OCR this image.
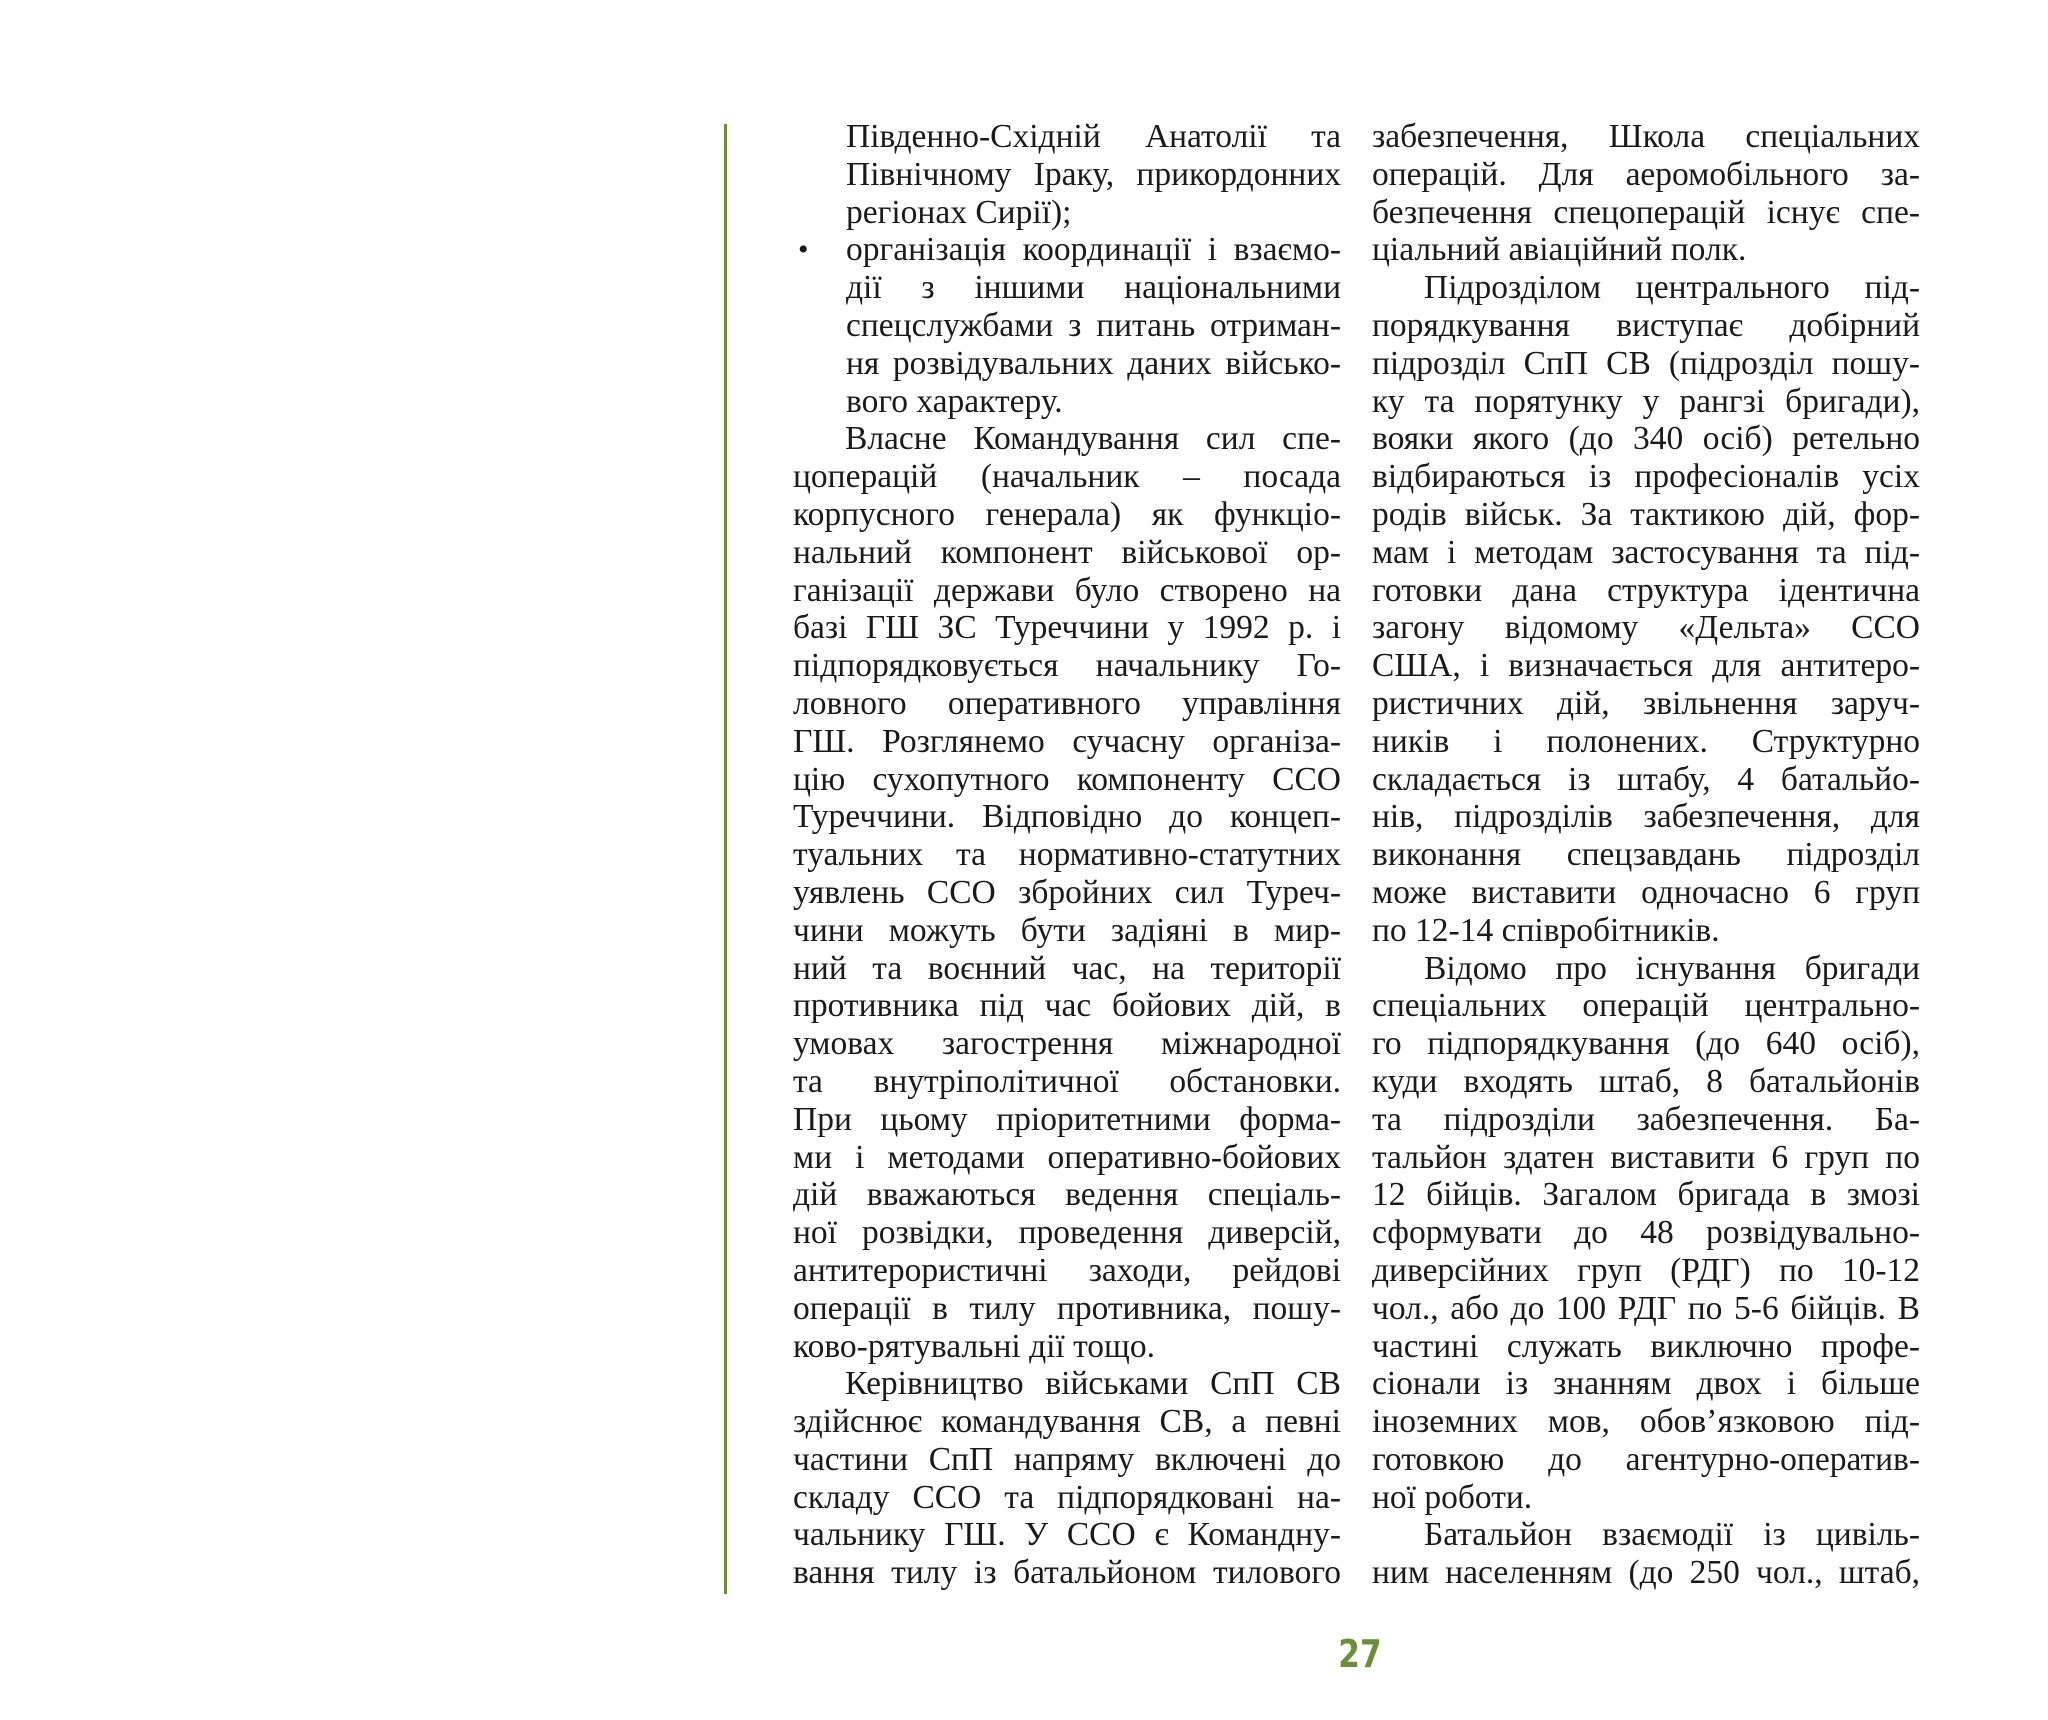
Південно-Східній Анатолії та
Північному Іраку, прикордонних
регіонах Сирії);
• організація координації і взаємо-
дії з іншими національними
спецслужбами з питань отриман-
ня розвідувальних даних військо-
вого характеру.
Власне Командування сил спе-
цоперацій (начальник – посада
корпусного генерала) як функціо-
нальний компонент військової ор-
ганізації держави було створено на
базі ГШ ЗС Туреччини у 1992 р. і
підпорядковується начальнику Го-
ловного оперативного управління
ГШ. Розглянемо сучасну організа-
цію сухопутного компоненту ССО
Туреччини. Відповідно до концеп-
туальних та нормативно-статутних
уявлень ССО збройних сил Туреч-
чини можуть бути задіяні в мир-
ний та воєнний час, на території
противника під час бойових дій, в
умовах загострення міжнародної
та внутріполітичної обстановки.
При цьому пріоритетними форма-
ми і методами оперативно-бойових
дій вважаються ведення спеціаль-
ної розвідки, проведення диверсій,
антитерористичні заходи, рейдові
операції в тилу противника, пошу-
ково-рятувальні дії тощо.
Керівництво військами СпП СВ
здійснює командування СВ, а певні
частини СпП напряму включені до
складу ССО та підпорядковані на-
чальнику ГШ. У ССО є Командну-
вання тилу із батальйоном тилового
забезпечення, Школа спеціальних
операцій. Для аеромобільного за-
безпечення спецоперацій існує спе-
ціальний авіаційний полк.
Підрозділом центрального під-
порядкування виступає добірний
підрозділ СпП СВ (підрозділ пошу-
ку та порятунку у рангзі бригади),
вояки якого (до 340 осіб) ретельно
відбираються із професіоналів усіх
родів військ. За тактикою дій, фор-
мам і методам застосування та під-
готовки дана структура ідентична
загону відомому «Дельта» ССО
США, і визначається для антитеро-
ристичних дій, звільнення заруч-
ників і полонених. Структурно
складається із штабу, 4 батальйо-
нів, підрозділів забезпечення, для
виконання спецзавдань підрозділ
може виставити одночасно 6 груп
по 12-14 співробітників.
Відомо про існування бригади
спеціальних операцій центрально-
го підпорядкування (до 640 осіб),
куди входять штаб, 8 батальйонів
та підрозділи забезпечення. Ба-
тальйон здатен виставити 6 груп по
12 бійців. Загалом бригада в змозі
сформувати до 48 розвідувально-
диверсійних груп (РДГ) по 10-12
чол., або до 100 РДГ по 5-6 бійців. В
частині служать виключно профе-
сіонали із знанням двох і більше
іноземних мов, обов’язковою під-
готовкою до агентурно-оператив-
ної роботи.
Батальйон взаємодії із цивіль-
ним населенням (до 250 чол., штаб,
27
